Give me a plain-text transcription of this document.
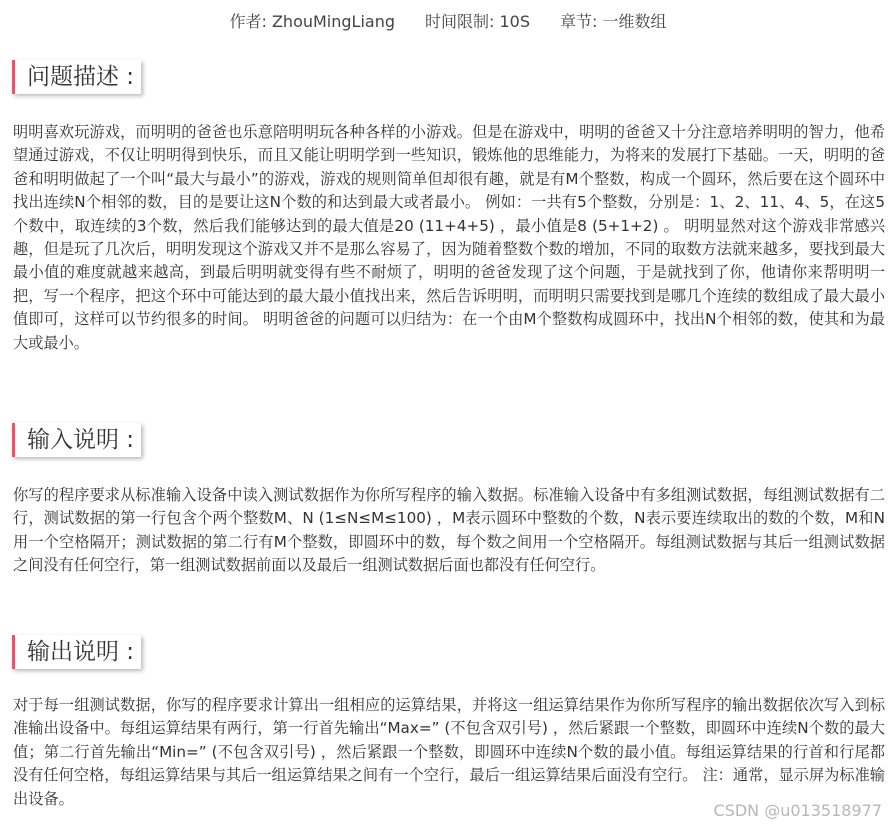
作者: ZhouMingLiang 时间限制: 10S 章节: 一维数组
问题描述 :

明明喜欢玩游戏，而明明的爸爸也乐意陪明明玩各种各样的小游戏。但是在游戏中，明明的爸爸又十分注意培养明明的智力，他希望通过游戏，不仅让明明得到快乐，而且又能让明明学到一些知识，锻炼他的思维能力，为将来的发展打下基础。一天，明明的爸爸和明明做起了一个叫“最大与最小”的游戏，游戏的规则简单但却很有趣，就是有M个整数，构成一个圆环，然后要在这个圆环中找出连续N个相邻的数，目的是要让这N个数的和达到最大或者最小。 例如：一共有5个整数，分别是：1、2、11、4、5，在这5个数中，取连续的3个数，然后我们能够达到的最大值是20 (11+4+5) ，最小值是8 (5+1+2) 。 明明显然对这个游戏非常感兴趣，但是玩了几次后，明明发现这个游戏又并不是那么容易了，因为随着整数个数的增加，不同的取数方法就来越多，要找到最大最小值的难度就越来越高，到最后明明就变得有些不耐烦了，明明的爸爸发现了这个问题，于是就找到了你，他请你来帮明明一把，写一个程序，把这个环中可能达到的最大最小值找出来，然后告诉明明，而明明只需要找到是哪几个连续的数组成了最大最小值即可，这样可以节约很多的时间。 明明爸爸的问题可以归结为：在一个由M个整数构成圆环中，找出N个相邻的数，使其和为最大或最小。

输入说明 :

你写的程序要求从标准输入设备中读入测试数据作为你所写程序的输入数据。标准输入设备中有多组测试数据，每组测试数据有二行，测试数据的第一行包含个两个整数M、N (1≤N≤M≤100) ，M表示圆环中整数的个数，N表示要连续取出的数的个数，M和N用一个空格隔开；测试数据的第二行有M个整数，即圆环中的数，每个数之间用一个空格隔开。每组测试数据与其后一组测试数据之间没有任何空行，第一组测试数据前面以及最后一组测试数据后面也都没有任何空行。

输出说明 :

对于每一组测试数据，你写的程序要求计算出一组相应的运算结果，并将这一组运算结果作为你所写程序的输出数据依次写入到标准输出设备中。每组运算结果有两行，第一行首先输出“Max=” (不包含双引号) ，然后紧跟一个整数，即圆环中连续N个数的最大值；第二行首先输出“Min=” (不包含双引号) ，然后紧跟一个整数，即圆环中连续N个数的最小值。每组运算结果的行首和行尾都没有任何空格，每组运算结果与其后一组运算结果之间有一个空行，最后一组运算结果后面没有空行。 注：通常，显示屏为标准输出设备。

CSDN @u013518977
